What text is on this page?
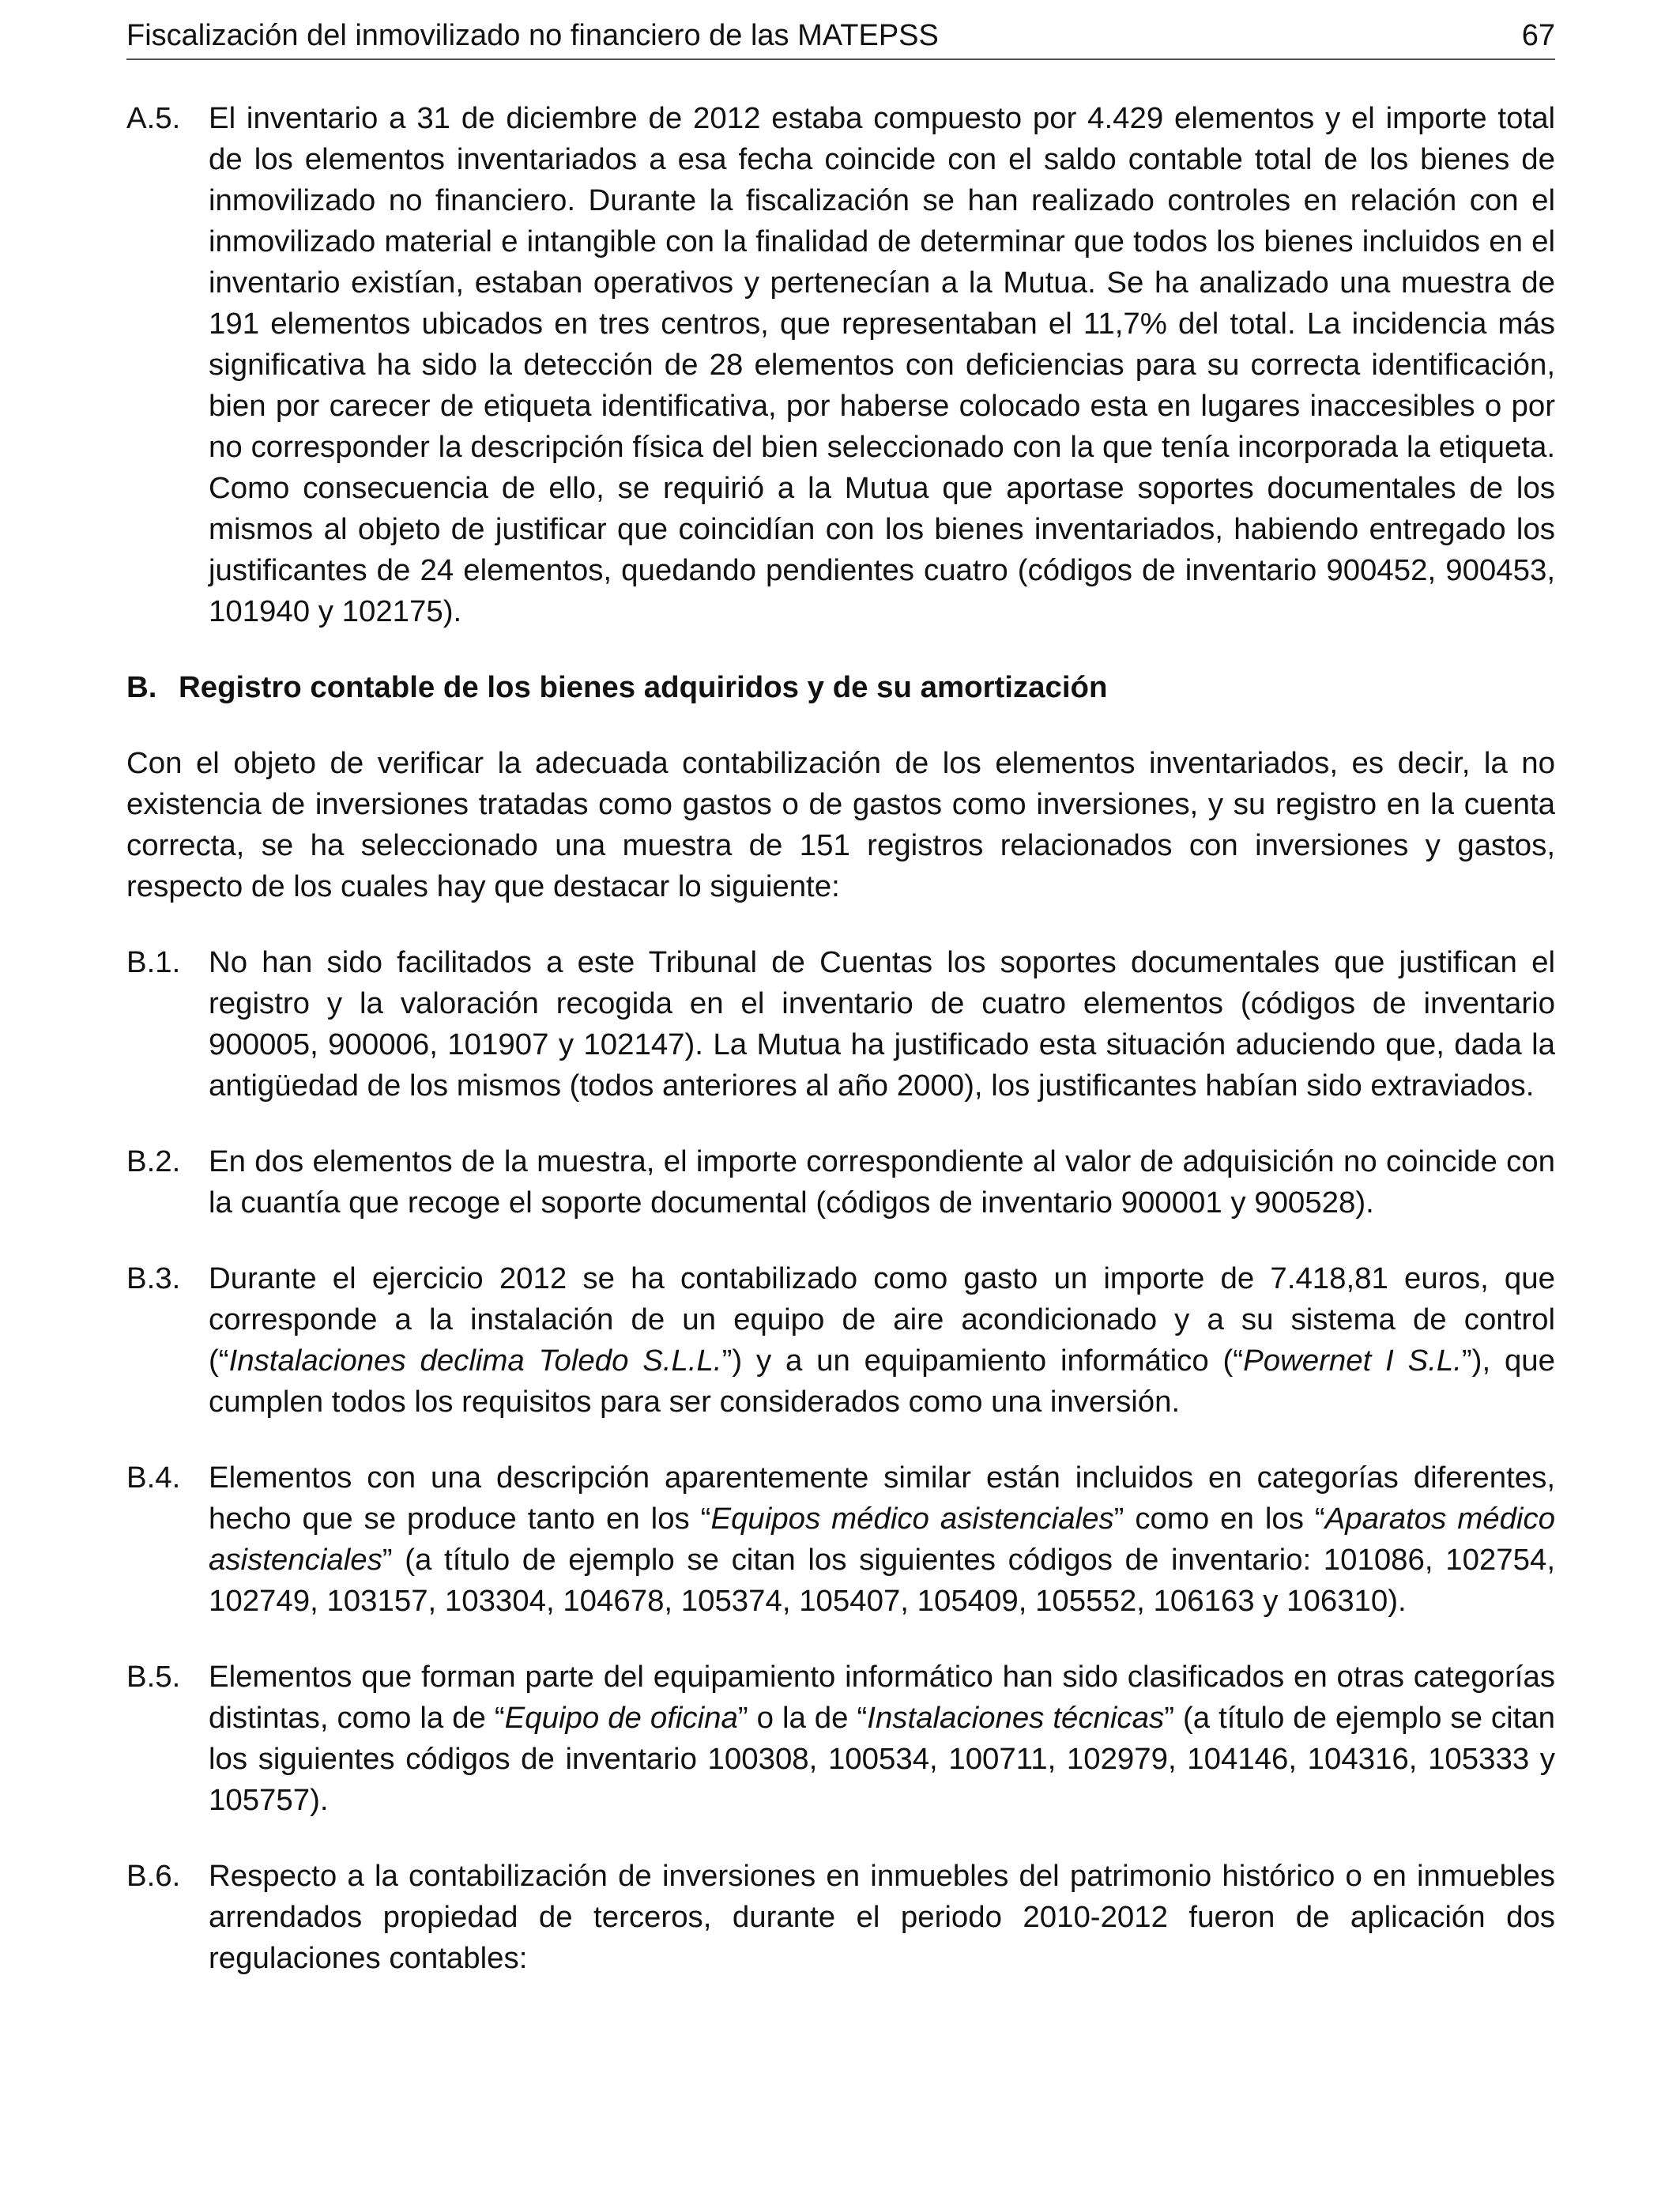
Fiscalización del inmovilizado no financiero de las MATEPSS	67
A.5. El inventario a 31 de diciembre de 2012 estaba compuesto por 4.429 elementos y el importe total de los elementos inventariados a esa fecha coincide con el saldo contable total de los bienes de inmovilizado no financiero. Durante la fiscalización se han realizado controles en relación con el inmovilizado material e intangible con la finalidad de determinar que todos los bienes incluidos en el inventario existían, estaban operativos y pertenecían a la Mutua. Se ha analizado una muestra de 191 elementos ubicados en tres centros, que representaban el 11,7% del total. La incidencia más significativa ha sido la detección de 28 elementos con deficiencias para su correcta identificación, bien por carecer de etiqueta identificativa, por haberse colocado esta en lugares inaccesibles o por no corresponder la descripción física del bien seleccionado con la que tenía incorporada la etiqueta. Como consecuencia de ello, se requirió a la Mutua que aportase soportes documentales de los mismos al objeto de justificar que coincidían con los bienes inventariados, habiendo entregado los justificantes de 24 elementos, quedando pendientes cuatro (códigos de inventario 900452, 900453, 101940 y 102175).
B. Registro contable de los bienes adquiridos y de su amortización
Con el objeto de verificar la adecuada contabilización de los elementos inventariados, es decir, la no existencia de inversiones tratadas como gastos o de gastos como inversiones, y su registro en la cuenta correcta, se ha seleccionado una muestra de 151 registros relacionados con inversiones y gastos, respecto de los cuales hay que destacar lo siguiente:
B.1. No han sido facilitados a este Tribunal de Cuentas los soportes documentales que justifican el registro y la valoración recogida en el inventario de cuatro elementos (códigos de inventario 900005, 900006, 101907 y 102147). La Mutua ha justificado esta situación aduciendo que, dada la antigüedad de los mismos (todos anteriores al año 2000), los justificantes habían sido extraviados.
B.2. En dos elementos de la muestra, el importe correspondiente al valor de adquisición no coincide con la cuantía que recoge el soporte documental (códigos de inventario 900001 y 900528).
B.3. Durante el ejercicio 2012 se ha contabilizado como gasto un importe de 7.418,81 euros, que corresponde a la instalación de un equipo de aire acondicionado y a su sistema de control (“Instalaciones declima Toledo S.L.L.”) y a un equipamiento informático (“Powernet I S.L.”), que cumplen todos los requisitos para ser considerados como una inversión.
B.4. Elementos con una descripción aparentemente similar están incluidos en categorías diferentes, hecho que se produce tanto en los “Equipos médico asistenciales” como en los “Aparatos médico asistenciales” (a título de ejemplo se citan los siguientes códigos de inventario: 101086, 102754, 102749, 103157, 103304, 104678, 105374, 105407, 105409, 105552, 106163 y 106310).
B.5. Elementos que forman parte del equipamiento informático han sido clasificados en otras categorías distintas, como la de “Equipo de oficina” o la de “Instalaciones técnicas” (a título de ejemplo se citan los siguientes códigos de inventario 100308, 100534, 100711, 102979, 104146, 104316, 105333 y 105757).
B.6. Respecto a la contabilización de inversiones en inmuebles del patrimonio histórico o en inmuebles arrendados propiedad de terceros, durante el periodo 2010-2012 fueron de aplicación dos regulaciones contables:
